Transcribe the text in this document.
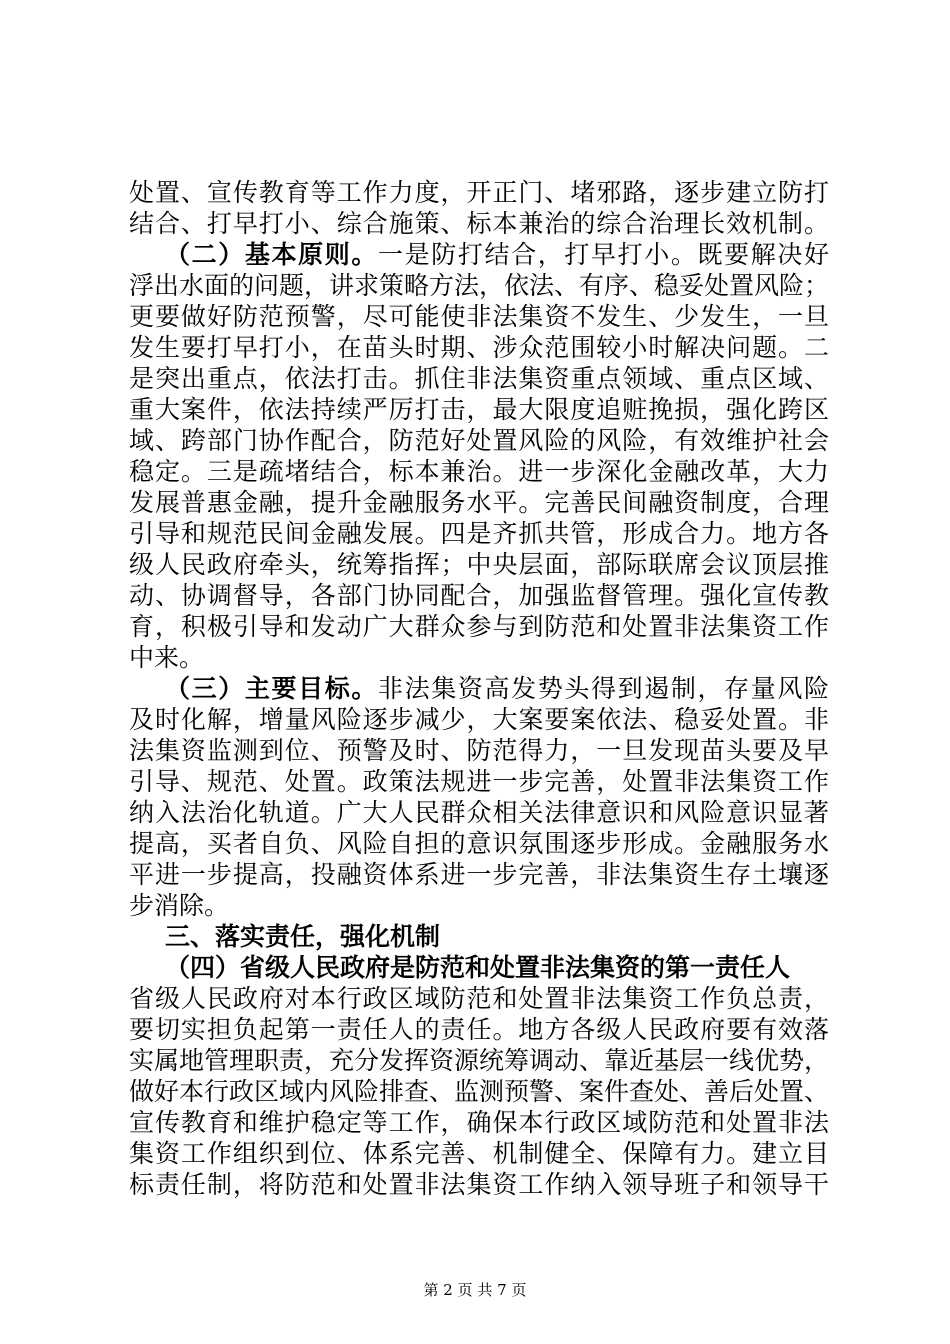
处置、宣传教育等工作力度，开正门、堵邪路，逐步建立防打
结合、打早打小、综合施策、标本兼治的综合治理长效机制。
（二）基本原则。一是防打结合，打早打小。既要解决好
浮出水面的问题，讲求策略方法，依法、有序、稳妥处置风险；
更要做好防范预警，尽可能使非法集资不发生、少发生，一旦
发生要打早打小，在苗头时期、涉众范围较小时解决问题。二
是突出重点，依法打击。抓住非法集资重点领域、重点区域、
重大案件，依法持续严厉打击，最大限度追赃挽损，强化跨区
域、跨部门协作配合，防范好处置风险的风险，有效维护社会
稳定。三是疏堵结合，标本兼治。进一步深化金融改革，大力
发展普惠金融，提升金融服务水平。完善民间融资制度，合理
引导和规范民间金融发展。四是齐抓共管，形成合力。地方各
级人民政府牵头，统筹指挥；中央层面，部际联席会议顶层推
动、协调督导，各部门协同配合，加强监督管理。强化宣传教
育，积极引导和发动广大群众参与到防范和处置非法集资工作
中来。
（三）主要目标。非法集资高发势头得到遏制，存量风险
及时化解，增量风险逐步减少，大案要案依法、稳妥处置。非
法集资监测到位、预警及时、防范得力，一旦发现苗头要及早
引导、规范、处置。政策法规进一步完善，处置非法集资工作
纳入法治化轨道。广大人民群众相关法律意识和风险意识显著
提高，买者自负、风险自担的意识氛围逐步形成。金融服务水
平进一步提高，投融资体系进一步完善，非法集资生存土壤逐
步消除。
三、落实责任，强化机制
（四）省级人民政府是防范和处置非法集资的第一责任人
省级人民政府对本行政区域防范和处置非法集资工作负总责，
要切实担负起第一责任人的责任。地方各级人民政府要有效落
实属地管理职责，充分发挥资源统筹调动、靠近基层一线优势，
做好本行政区域内风险排查、监测预警、案件查处、善后处置、
宣传教育和维护稳定等工作，确保本行政区域防范和处置非法
集资工作组织到位、体系完善、机制健全、保障有力。建立目
标责任制，将防范和处置非法集资工作纳入领导班子和领导干
第 2 页 共 7 页
